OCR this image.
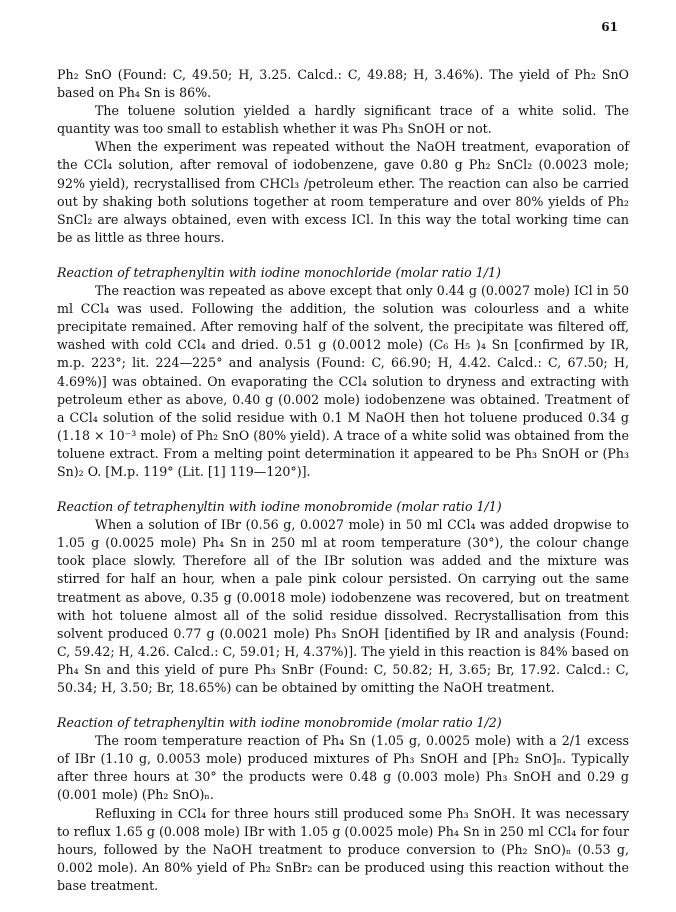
61

Ph₂ SnO (Found: C, 49.50; H, 3.25. Calcd.: C, 49.88; H, 3.46%). The yield of Ph₂ SnO based on Ph₄ Sn is 86%.

The toluene solution yielded a hardly significant trace of a white solid. The quantity was too small to establish whether it was Ph₃ SnOH or not.

When the experiment was repeated without the NaOH treatment, evaporation of the CCl₄ solution, after removal of iodobenzene, gave 0.80 g Ph₂ SnCl₂ (0.0023 mole; 92% yield), recrystallised from CHCl₃ /petroleum ether. The reaction can also be carried out by shaking both solutions together at room temperature and over 80% yields of Ph₂ SnCl₂ are always obtained, even with excess ICl. In this way the total working time can be as little as three hours.

Reaction of tetraphenyltin with iodine monochloride (molar ratio 1/1)

The reaction was repeated as above except that only 0.44 g (0.0027 mole) ICl in 50 ml CCl₄ was used. Following the addition, the solution was colourless and a white precipitate remained. After removing half of the solvent, the precipitate was filtered off, washed with cold CCl₄ and dried. 0.51 g (0.0012 mole) (C₆ H₅ )₄ Sn [confirmed by IR, m.p. 223°; lit. 224—225° and analysis (Found: C, 66.90; H, 4.42. Calcd.: C, 67.50; H, 4.69%)] was obtained. On evaporating the CCl₄ solution to dryness and extracting with petroleum ether as above, 0.40 g (0.002 mole) iodobenzene was obtained. Treatment of a CCl₄ solution of the solid residue with 0.1 M NaOH then hot toluene produced 0.34 g (1.18 × 10⁻³ mole) of Ph₂ SnO (80% yield). A trace of a white solid was obtained from the toluene extract. From a melting point determination it appeared to be Ph₃ SnOH or (Ph₃ Sn)₂ O. [M.p. 119° (Lit. [1] 119—120°)].

Reaction of tetraphenyltin with iodine monobromide (molar ratio 1/1)

When a solution of IBr (0.56 g, 0.0027 mole) in 50 ml CCl₄ was added dropwise to 1.05 g (0.0025 mole) Ph₄ Sn in 250 ml at room temperature (30°), the colour change took place slowly. Therefore all of the IBr solution was added and the mixture was stirred for half an hour, when a pale pink colour persisted. On carrying out the same treatment as above, 0.35 g (0.0018 mole) iodobenzene was recovered, but on treatment with hot toluene almost all of the solid residue dissolved. Recrystallisation from this solvent produced 0.77 g (0.0021 mole) Ph₃ SnOH [identified by IR and analysis (Found: C, 59.42; H, 4.26. Calcd.: C, 59.01; H, 4.37%)]. The yield in this reaction is 84% based on Ph₄ Sn and this yield of pure Ph₃ SnBr (Found: C, 50.82; H, 3.65; Br, 17.92. Calcd.: C, 50.34; H, 3.50; Br, 18.65%) can be obtained by omitting the NaOH treatment.

Reaction of tetraphenyltin with iodine monobromide (molar ratio 1/2)

The room temperature reaction of Ph₄ Sn (1.05 g, 0.0025 mole) with a 2/1 excess of IBr (1.10 g, 0.0053 mole) produced mixtures of Ph₃ SnOH and [Ph₂ SnO]ₙ. Typically after three hours at 30° the products were 0.48 g (0.003 mole) Ph₃ SnOH and 0.29 g (0.001 mole) (Ph₂ SnO)ₙ.

Refluxing in CCl₄ for three hours still produced some Ph₃ SnOH. It was necessary to reflux 1.65 g (0.008 mole) IBr with 1.05 g (0.0025 mole) Ph₄ Sn in 250 ml CCl₄ for four hours, followed by the NaOH treatment to produce conversion to (Ph₂ SnO)ₙ (0.53 g, 0.002 mole). An 80% yield of Ph₂ SnBr₂ can be produced using this reaction without the base treatment.
